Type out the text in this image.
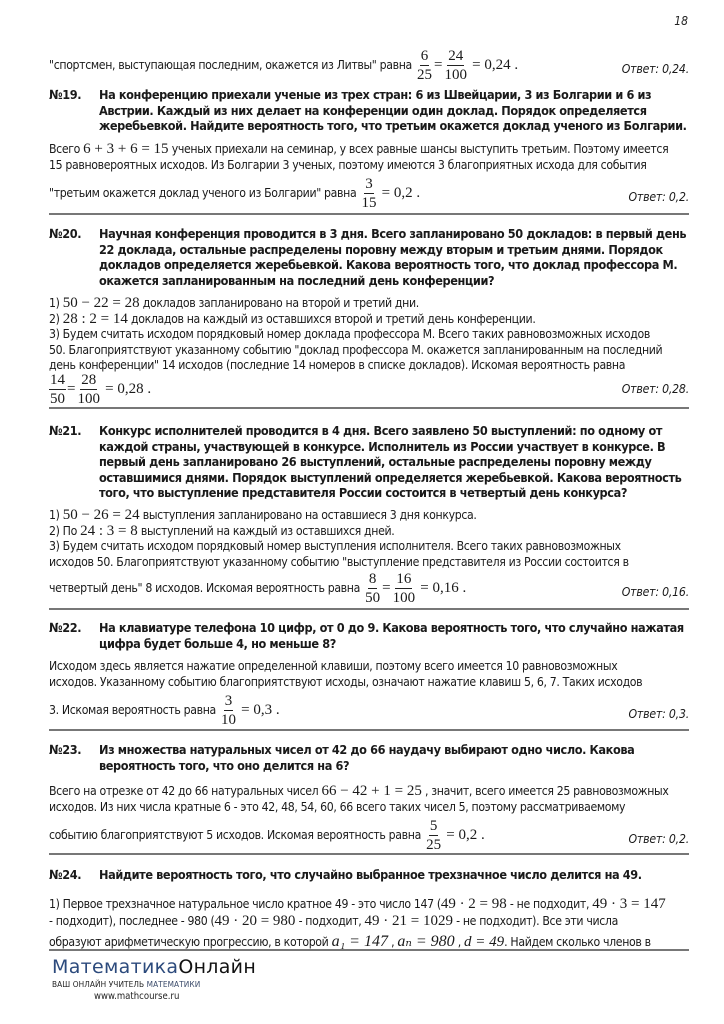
18
"спортсмен, выступающая последним, окажется из Литвы" равна $\frac{6}{25} = \frac{24}{100} = 0,24$ .	Ответ: 0,24.
№19.	На конференцию приехали ученые из трех стран: 6 из Швейцарии, 3 из Болгарии и 6 из Австрии. Каждый из них делает на конференции один доклад. Порядок определяется жеребьевкой. Найдите вероятность того, что третьим окажется доклад ученого из Болгарии.
Всего 6 + 3 + 6 = 15 ученых приехали на семинар, у всех равные шансы выступить третьим. Поэтому имеется
15 равновероятных исходов. Из Болгарии 3 ученых, поэтому имеются 3 благоприятных исхода для события
"третьим окажется доклад ученого из Болгарии" равна $\frac{3}{15} = 0,2$ .	Ответ: 0,2.
№20.	Научная конференция проводится в 3 дня. Всего запланировано 50 докладов: в первый день 22 доклада, остальные распределены поровну между вторым и третьим днями. Порядок докладов определяется жеребьевкой. Какова вероятность того, что доклад профессора М. окажется запланированным на последний день конференции?
1) 50 − 22 = 28 докладов запланировано на второй и третий дни.
2) 28 : 2 = 14 докладов на каждый из оставшихся второй и третий день конференции.
3) Будем считать исходом порядковый номер доклада профессора М. Всего таких равновозможных исходов
50. Благоприятствуют указанному событию "доклад профессора М. окажется запланированным на последний
день конференции" 14 исходов (последние 14 номеров в списке докладов). Искомая вероятность равна
$\frac{14}{50} = \frac{28}{100} = 0,28$ .	Ответ: 0,28.
№21.	Конкурс исполнителей проводится в 4 дня. Всего заявлено 50 выступлений: по одному от каждой страны, участвующей в конкурсе. Исполнитель из России участвует в конкурсе. В первый день запланировано 26 выступлений, остальные распределены поровну между оставшимися днями. Порядок выступлений определяется жеребьевкой. Какова вероятность того, что выступление представителя России состоится в четвертый день конкурса?
1) 50 − 26 = 24 выступления запланировано на оставшиеся 3 дня конкурса.
2) По 24 : 3 = 8 выступлений на каждый из оставшихся дней.
3) Будем считать исходом порядковый номер выступления исполнителя. Всего таких равновозможных
исходов 50. Благоприятствуют указанному событию "выступление представителя из России состоится в
четвертый день" 8 исходов. Искомая вероятность равна $\frac{8}{50} = \frac{16}{100} = 0,16$ .	Ответ: 0,16.
№22.	На клавиатуре телефона 10 цифр, от 0 до 9. Какова вероятность того, что случайно нажатая цифра будет больше 4, но меньше 8?
Исходом здесь является нажатие определенной клавиши, поэтому всего имеется 10 равновозможных
исходов. Указанному событию благоприятствуют исходы, означают нажатие клавиш 5, 6, 7. Таких исходов
3. Искомая вероятность равна $\frac{3}{10} = 0,3$ .	Ответ: 0,3.
№23.	Из множества натуральных чисел от 42 до 66 наудачу выбирают одно число. Какова вероятность того, что оно делится на 6?
Всего на отрезке от 42 до 66 натуральных чисел 66 − 42 + 1 = 25 , значит, всего имеется 25 равновозможных
исходов. Из них числа кратные 6 - это 42, 48, 54, 60, 66 всего таких чисел 5, поэтому рассматриваемому
событию благоприятствуют 5 исходов. Искомая вероятность равна $\frac{5}{25} = 0,2$ .	Ответ: 0,2.
№24.	Найдите вероятность того, что случайно выбранное трехзначное число делится на 49.
1) Первое трехзначное натуральное число кратное 49 - это число 147 (49 · 2 = 98 - не подходит, 49 · 3 = 147
- подходит), последнее - 980 (49 · 20 = 980 - подходит, 49 · 21 = 1029 - не подходит). Все эти числа
образуют арифметическую прогрессию, в которой a₁ = 147 , aₙ = 980 , d = 49. Найдем сколько членов в
МатематикаОнлайн
ВАШ ОНЛАЙН УЧИТЕЛЬ МАТЕМАТИКИ
www.mathcourse.ru
